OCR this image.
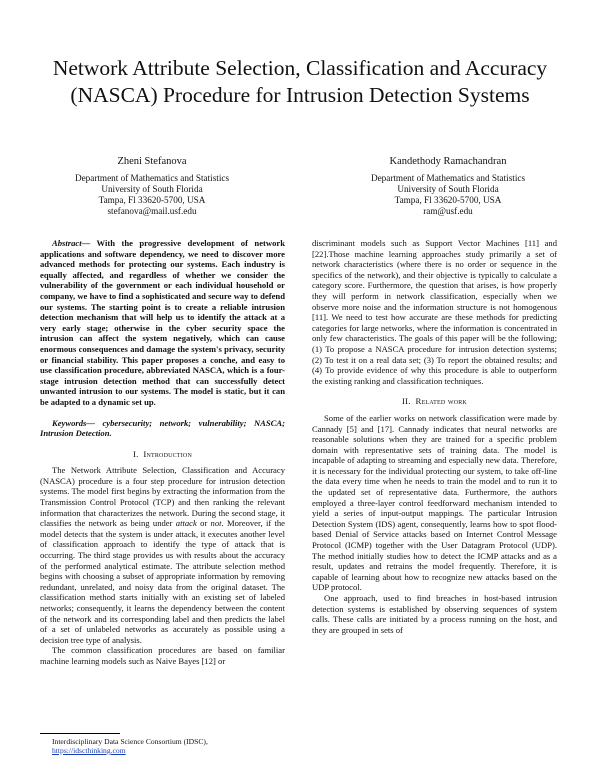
Network Attribute Selection, Classification and Accuracy (NASCA) Procedure for Intrusion Detection Systems
Zheni Stefanova
Department of Mathematics and Statistics
University of South Florida
Tampa, Fl 33620-5700, USA
stefanova@mail.usf.edu
Kandethody Ramachandran
Department of Mathematics and Statistics
University of South Florida
Tampa, Fl 33620-5700, USA
ram@usf.edu

Abstract— With the progressive development of network applications and software dependency, we need to discover more advanced methods for protecting our systems. Each industry is equally affected, and regardless of whether we consider the vulnerability of the government or each individual household or company, we have to find a sophisticated and secure way to defend our systems. The starting point is to create a reliable intrusion detection mechanism that will help us to identify the attack at a very early stage; otherwise in the cyber security space the intrusion can affect the system negatively, which can cause enormous consequences and damage the system's privacy, security or financial stability. This paper proposes a conche, and easy to use classification procedure, abbreviated NASCA, which is a four-stage intrusion detection method that can successfully detect unwanted intrusion to our systems. The model is static, but it can be adapted to a dynamic set up.

Keywords— cybersecurity; network; vulnerability; NASCA; Intrusion Detection.

I. Introduction

The Network Attribute Selection, Classification and Accuracy (NASCA) procedure is a four step procedure for intrusion detection systems. The model first begins by extracting the information from the Transmission Control Protocol (TCP) and then ranking the relevant information that characterizes the network. During the second stage, it classifies the network as being under attack or not. Moreover, if the model detects that the system is under attack, it executes another level of classification approach to identify the type of attack that is occurring. The third stage provides us with results about the accuracy of the performed analytical estimate. The attribute selection method begins with choosing a subset of appropriate information by removing redundant, unrelated, and noisy data from the original dataset. The classification method starts initially with an existing set of labeled networks; consequently, it learns the dependency between the content of the network and its corresponding label and then predicts the label of a set of unlabeled networks as accurately as possible using a decision tree type of analysis.

The common classification procedures are based on familiar machine learning models such as Naive Bayes [12] or

discriminant models such as Support Vector Machines [11] and [22].Those machine learning approaches study primarily a set of network characteristics (where there is no order or sequence in the specifics of the network), and their objective is typically to calculate a category score. Furthermore, the question that arises, is how properly they will perform in network classification, especially when we observe more noise and the information structure is not homogenous [11]. We need to test how accurate are these methods for predicting categories for large networks, where the information is concentrated in only few characteristics. The goals of this paper will be the following; (1) To propose a NASCA procedure for intrusion detection systems; (2) To test it on a real data set; (3) To report the obtained results; and (4) To provide evidence of why this procedure is able to outperform the existing ranking and classification techniques.

II. Related work

Some of the earlier works on network classification were made by Cannady [5] and [17]. Cannady indicates that neural networks are reasonable solutions when they are trained for a specific problem domain with representative sets of training data. The model is incapable of adapting to streaming and especially new data. Therefore, it is necessary for the individual protecting our system, to take off-line the data every time when he needs to train the model and to run it to the updated set of representative data. Furthermore, the authors employed a three-layer control feedforward mechanism intended to yield a series of input-output mappings. The particular Intrusion Detection System (IDS) agent, consequently, learns how to spot flood-based Denial of Service attacks based on Internet Control Message Protocol (ICMP) together with the User Datagram Protocol (UDP). The method initially studies how to detect the ICMP attacks and as a result, updates and retrains the model frequently. Therefore, it is capable of learning about how to recognize new attacks based on the UDP protocol.

One approach, used to find breaches in host-based intrusion detection systems is established by observing sequences of system calls. These calls are initiated by a process running on the host, and they are grouped in sets of

Interdisciplinary Data Science Consortium (IDSC),
https://idscthinking.com
